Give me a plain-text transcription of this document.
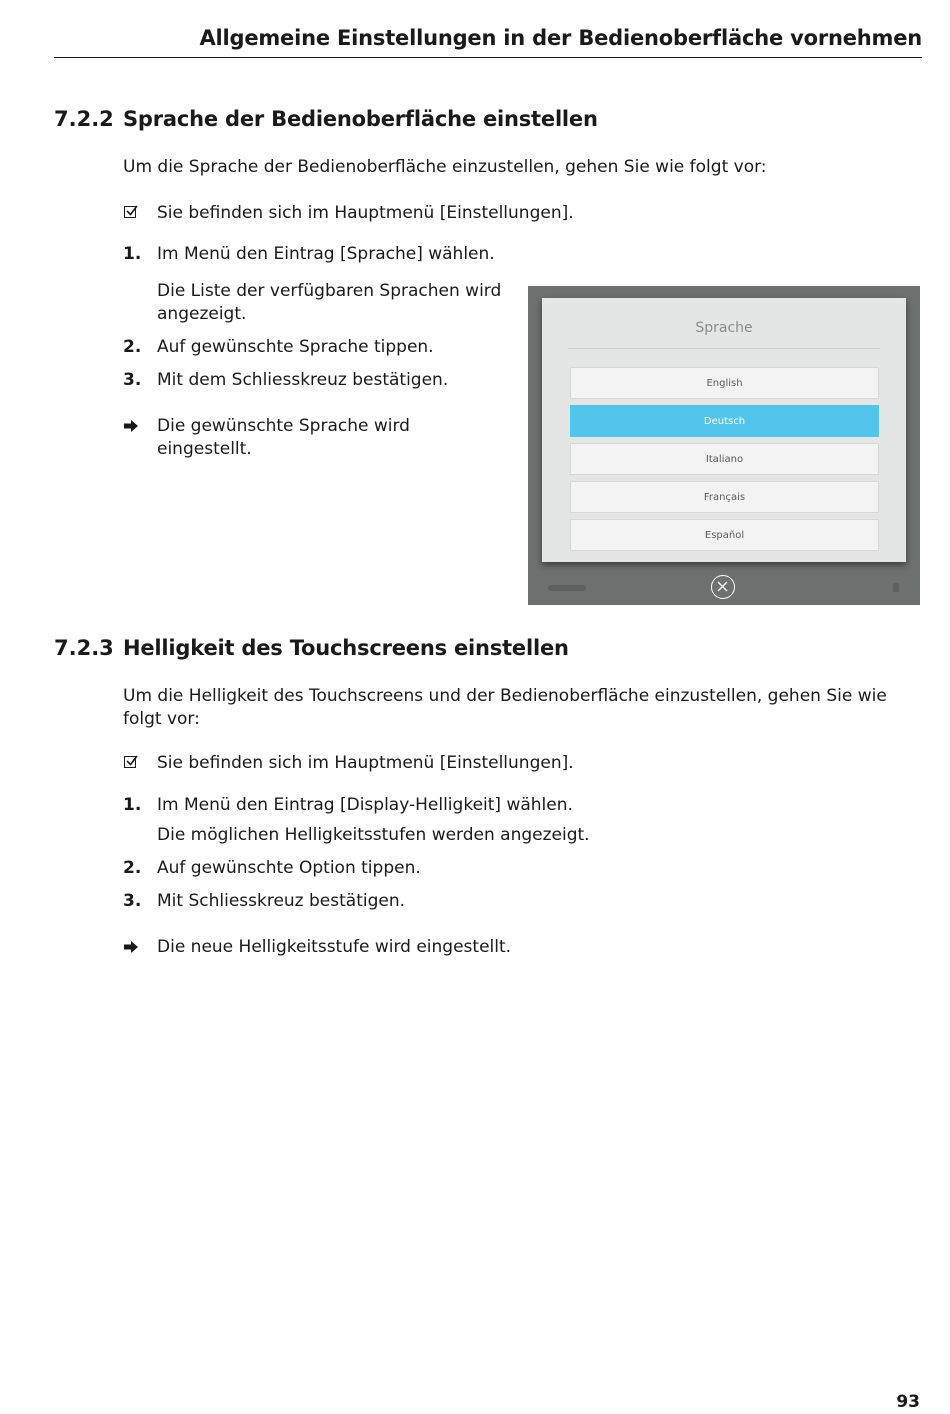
Allgemeine Einstellungen in der Bedienoberfläche vornehmen
7.2.2 Sprache der Bedienoberfläche einstellen
Um die Sprache der Bedienoberfläche einzustellen, gehen Sie wie folgt vor:
Sie befinden sich im Hauptmenü [Einstellungen].
1. Im Menü den Eintrag [Sprache] wählen.
Die Liste der verfügbaren Sprachen wird
angezeigt.
2. Auf gewünschte Sprache tippen.
3. Mit dem Schliesskreuz bestätigen.
Die gewünschte Sprache wird
eingestellt.
Sprache
English
Deutsch
Italiano
Français
Español
7.2.3 Helligkeit des Touchscreens einstellen
Um die Helligkeit des Touchscreens und der Bedienoberfläche einzustellen, gehen Sie wie
folgt vor:
Sie befinden sich im Hauptmenü [Einstellungen].
1. Im Menü den Eintrag [Display-Helligkeit] wählen.
Die möglichen Helligkeitsstufen werden angezeigt.
2. Auf gewünschte Option tippen.
3. Mit Schliesskreuz bestätigen.
Die neue Helligkeitsstufe wird eingestellt.
93
